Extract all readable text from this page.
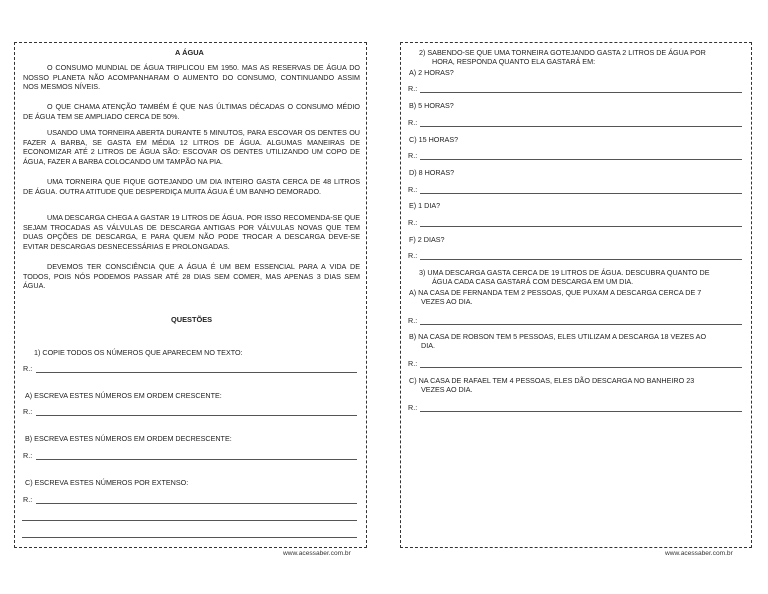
A ÁGUA
O CONSUMO MUNDIAL DE ÁGUA TRIPLICOU EM 1950. MAS AS RESERVAS DE ÁGUA DO NOSSO PLANETA NÃO ACOMPANHARAM O AUMENTO DO CONSUMO, CONTINUANDO ASSIM NOS MESMOS NÍVEIS.
O QUE CHAMA ATENÇÃO TAMBÉM É QUE NAS ÚLTIMAS DÉCADAS O CONSUMO MÉDIO DE ÁGUA TEM SE AMPLIADO CERCA DE 50%.
USANDO UMA TORNEIRA ABERTA DURANTE 5 MINUTOS, PARA ESCOVAR OS DENTES OU FAZER A BARBA, SE GASTA EM MÉDIA 12 LITROS DE ÁGUA. ALGUMAS MANEIRAS DE ECONOMIZAR ATÉ 2 LITROS DE ÁGUA SÃO: ESCOVAR OS DENTES UTILIZANDO UM COPO DE ÁGUA, FAZER A BARBA COLOCANDO UM TAMPÃO NA PIA.
UMA TORNEIRA QUE FIQUE GOTEJANDO UM DIA INTEIRO GASTA CERCA DE 48 LITROS DE ÁGUA. OUTRA ATITUDE QUE DESPERDIÇA MUITA ÁGUA É UM BANHO DEMORADO.
UMA DESCARGA CHEGA A GASTAR 19 LITROS DE ÁGUA. POR ISSO RECOMENDA-SE QUE SEJAM TROCADAS AS VÁLVULAS DE DESCARGA ANTIGAS POR VÁLVULAS NOVAS QUE TEM DUAS OPÇÕES DE DESCARGA, E PARA QUEM NÃO PODE TROCAR A DESCARGA DEVE-SE EVITAR DESCARGAS DESNECESSÁRIAS E PROLONGADAS.
DEVEMOS TER CONSCIÊNCIA QUE A ÁGUA É UM BEM ESSENCIAL PARA A VIDA DE TODOS, POIS NÓS PODEMOS PASSAR ATÉ 28 DIAS SEM COMER, MAS APENAS 3 DIAS SEM ÁGUA.
QUESTÕES
1) COPIE TODOS OS NÚMEROS QUE APARECEM NO TEXTO:
R.:
A) ESCREVA ESTES NÚMEROS EM ORDEM CRESCENTE:
R.:
B) ESCREVA ESTES NÚMEROS EM ORDEM DECRESCENTE:
R.:
C) ESCREVA ESTES NÚMEROS POR EXTENSO:
R.:
www.acessaber.com.br
2) SABENDO-SE QUE UMA TORNEIRA GOTEJANDO GASTA 2 LITROS DE ÁGUA POR
HORA, RESPONDA QUANTO ELA GASTARÁ EM:
A) 2 HORAS?
R.:
B) 5 HORAS?
R.:
C) 15 HORAS?
R.:
D) 8 HORAS?
R.:
E) 1 DIA?
R.:
F) 2 DIAS?
R.:
3) UMA DESCARGA GASTA CERCA DE 19 LITROS DE ÁGUA. DESCUBRA QUANTO DE
ÁGUA CADA CASA GASTARÁ COM DESCARGA EM UM DIA.
A) NA CASA DE FERNANDA TEM 2 PESSOAS, QUE PUXAM A DESCARGA CERCA DE 7
VEZES AO DIA.
R.:
B) NA CASA DE ROBSON TEM 5 PESSOAS, ELES UTILIZAM A DESCARGA 18 VEZES AO
DIA.
R.:
C) NA CASA DE RAFAEL TEM 4 PESSOAS, ELES DÃO DESCARGA NO BANHEIRO 23
VEZES AO DIA.
R.:
www.acessaber.com.br
